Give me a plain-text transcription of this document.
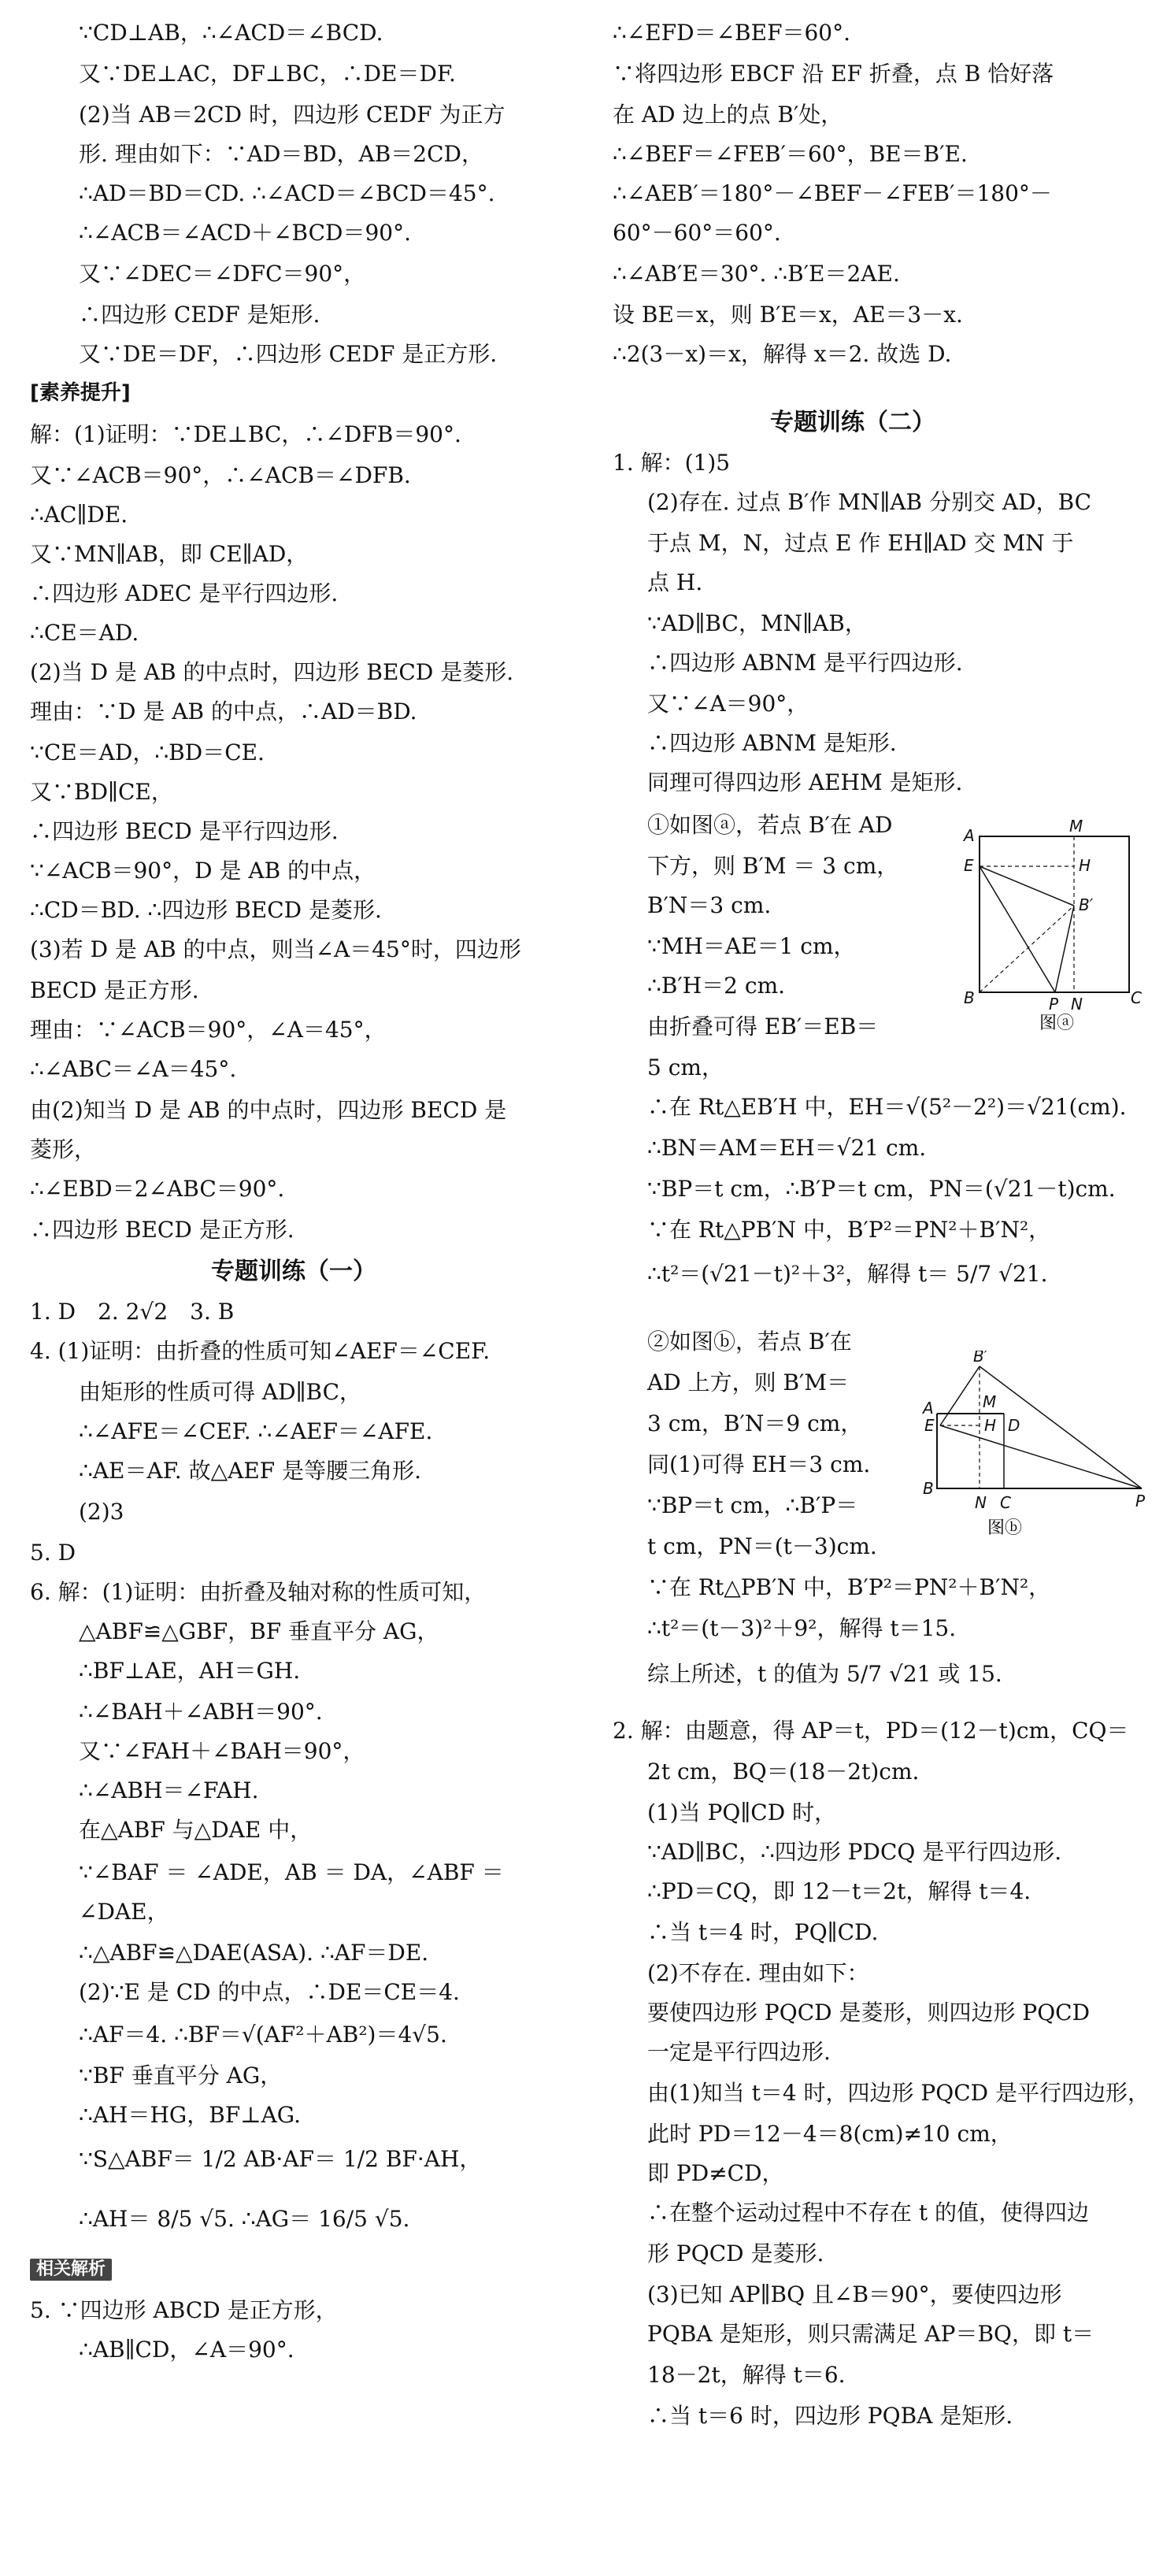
∵CD⊥AB，∴∠ACD＝∠BCD.
又∵DE⊥AC，DF⊥BC，∴DE＝DF.
(2)当 AB＝2CD 时，四边形 CEDF 为正方
形. 理由如下：∵AD＝BD，AB＝2CD，
∴AD＝BD＝CD. ∴∠ACD＝∠BCD＝45°.
∴∠ACB＝∠ACD＋∠BCD＝90°.
又∵∠DEC＝∠DFC＝90°，
∴四边形 CEDF 是矩形.
又∵DE＝DF，∴四边形 CEDF 是正方形.
[素养提升]
解：(1)证明：∵DE⊥BC，∴∠DFB＝90°.
又∵∠ACB＝90°，∴∠ACB＝∠DFB.
∴AC∥DE.
又∵MN∥AB，即 CE∥AD，
∴四边形 ADEC 是平行四边形.
∴CE＝AD.
(2)当 D 是 AB 的中点时，四边形 BECD 是菱形.
理由：∵D 是 AB 的中点，∴AD＝BD.
∵CE＝AD，∴BD＝CE.
又∵BD∥CE，
∴四边形 BECD 是平行四边形.
∵∠ACB＝90°，D 是 AB 的中点，
∴CD＝BD. ∴四边形 BECD 是菱形.
(3)若 D 是 AB 的中点，则当∠A＝45°时，四边形
BECD 是正方形.
理由：∵∠ACB＝90°，∠A＝45°，
∴∠ABC＝∠A＝45°.
由(2)知当 D 是 AB 的中点时，四边形 BECD 是
菱形，
∴∠EBD＝2∠ABC＝90°.
∴四边形 BECD 是正方形.
专题训练（一）
1. D　2. 2√2　3. B
4. (1)证明：由折叠的性质可知∠AEF＝∠CEF.
由矩形的性质可得 AD∥BC，
∴∠AFE＝∠CEF. ∴∠AEF＝∠AFE.
∴AE＝AF. 故△AEF 是等腰三角形.
(2)3
5. D
6. 解：(1)证明：由折叠及轴对称的性质可知，
△ABF≌△GBF，BF 垂直平分 AG，
∴BF⊥AE，AH＝GH.
∴∠BAH＋∠ABH＝90°.
又∵∠FAH＋∠BAH＝90°，
∴∠ABH＝∠FAH.
在△ABF 与△DAE 中，
∵∠BAF ＝ ∠ADE，AB ＝ DA，∠ABF ＝
∠DAE，
∴△ABF≌△DAE(ASA). ∴AF＝DE.
(2)∵E 是 CD 的中点，∴DE＝CE＝4.
∴AF＝4. ∴BF＝√(AF²＋AB²)＝4√5.
∵BF 垂直平分 AG，
∴AH＝HG，BF⊥AG.
∵S△ABF＝ 1/2 AB·AF＝ 1/2 BF·AH，
∴AH＝ 8/5 √5. ∴AG＝ 16/5 √5.
相关解析
5. ∵四边形 ABCD 是正方形，
∴AB∥CD，∠A＝90°.
∴∠EFD＝∠BEF＝60°.
∵将四边形 EBCF 沿 EF 折叠，点 B 恰好落
在 AD 边上的点 B′处，
∴∠BEF＝∠FEB′＝60°，BE＝B′E.
∴∠AEB′＝180°－∠BEF－∠FEB′＝180°－
60°－60°＝60°.
∴∠AB′E＝30°. ∴B′E＝2AE.
设 BE＝x，则 B′E＝x，AE＝3－x.
∴2(3－x)＝x，解得 x＝2. 故选 D.
专题训练（二）
1. 解：(1)5
(2)存在. 过点 B′作 MN∥AB 分别交 AD，BC
于点 M，N，过点 E 作 EH∥AD 交 MN 于
点 H.
∵AD∥BC，MN∥AB，
∴四边形 ABNM 是平行四边形.
又∵∠A＝90°，
∴四边形 ABNM 是矩形.
同理可得四边形 AEHM 是矩形.
①如图ⓐ，若点 B′在 AD
下方，则 B′M ＝ 3 cm，
B′N＝3 cm.
∵MH＝AE＝1 cm，
∴B′H＝2 cm.
由折叠可得 EB′＝EB＝
5 cm，
∴在 Rt△EB′H 中，EH＝√(5²－2²)＝√21(cm).
∴BN＝AM＝EH＝√21 cm.
∵BP＝t cm，∴B′P＝t cm，PN＝(√21－t)cm.
∵在 Rt△PB′N 中，B′P²＝PN²＋B′N²，
∴t²＝(√21－t)²＋3²，解得 t＝ 5/7 √21.
②如图ⓑ，若点 B′在
AD 上方，则 B′M＝
3 cm，B′N＝9 cm，
同(1)可得 EH＝3 cm.
∵BP＝t cm，∴B′P＝
t cm，PN＝(t－3)cm.
∵在 Rt△PB′N 中，B′P²＝PN²＋B′N²，
∴t²＝(t－3)²＋9²，解得 t＝15.
综上所述，t 的值为 5/7 √21 或 15.
2. 解：由题意，得 AP＝t，PD＝(12－t)cm，CQ＝
2t cm，BQ＝(18－2t)cm.
(1)当 PQ∥CD 时，
∵AD∥BC，∴四边形 PDCQ 是平行四边形.
∴PD＝CQ，即 12－t＝2t，解得 t＝4.
∴当 t＝4 时，PQ∥CD.
(2)不存在. 理由如下：
要使四边形 PQCD 是菱形，则四边形 PQCD
一定是平行四边形.
由(1)知当 t＝4 时，四边形 PQCD 是平行四边形，
此时 PD＝12－4＝8(cm)≠10 cm，
即 PD≠CD，
∴在整个运动过程中不存在 t 的值，使得四边
形 PQCD 是菱形.
(3)已知 AP∥BQ 且∠B＝90°，要使四边形
PQBA 是矩形，则只需满足 AP＝BQ，即 t＝
18－2t，解得 t＝6.
∴当 t＝6 时，四边形 PQBA 是矩形.
A	M
E	H
B′
B	P N	C
图ⓐ
B′
A	M
E	H D
B
N C	P
图ⓑ
